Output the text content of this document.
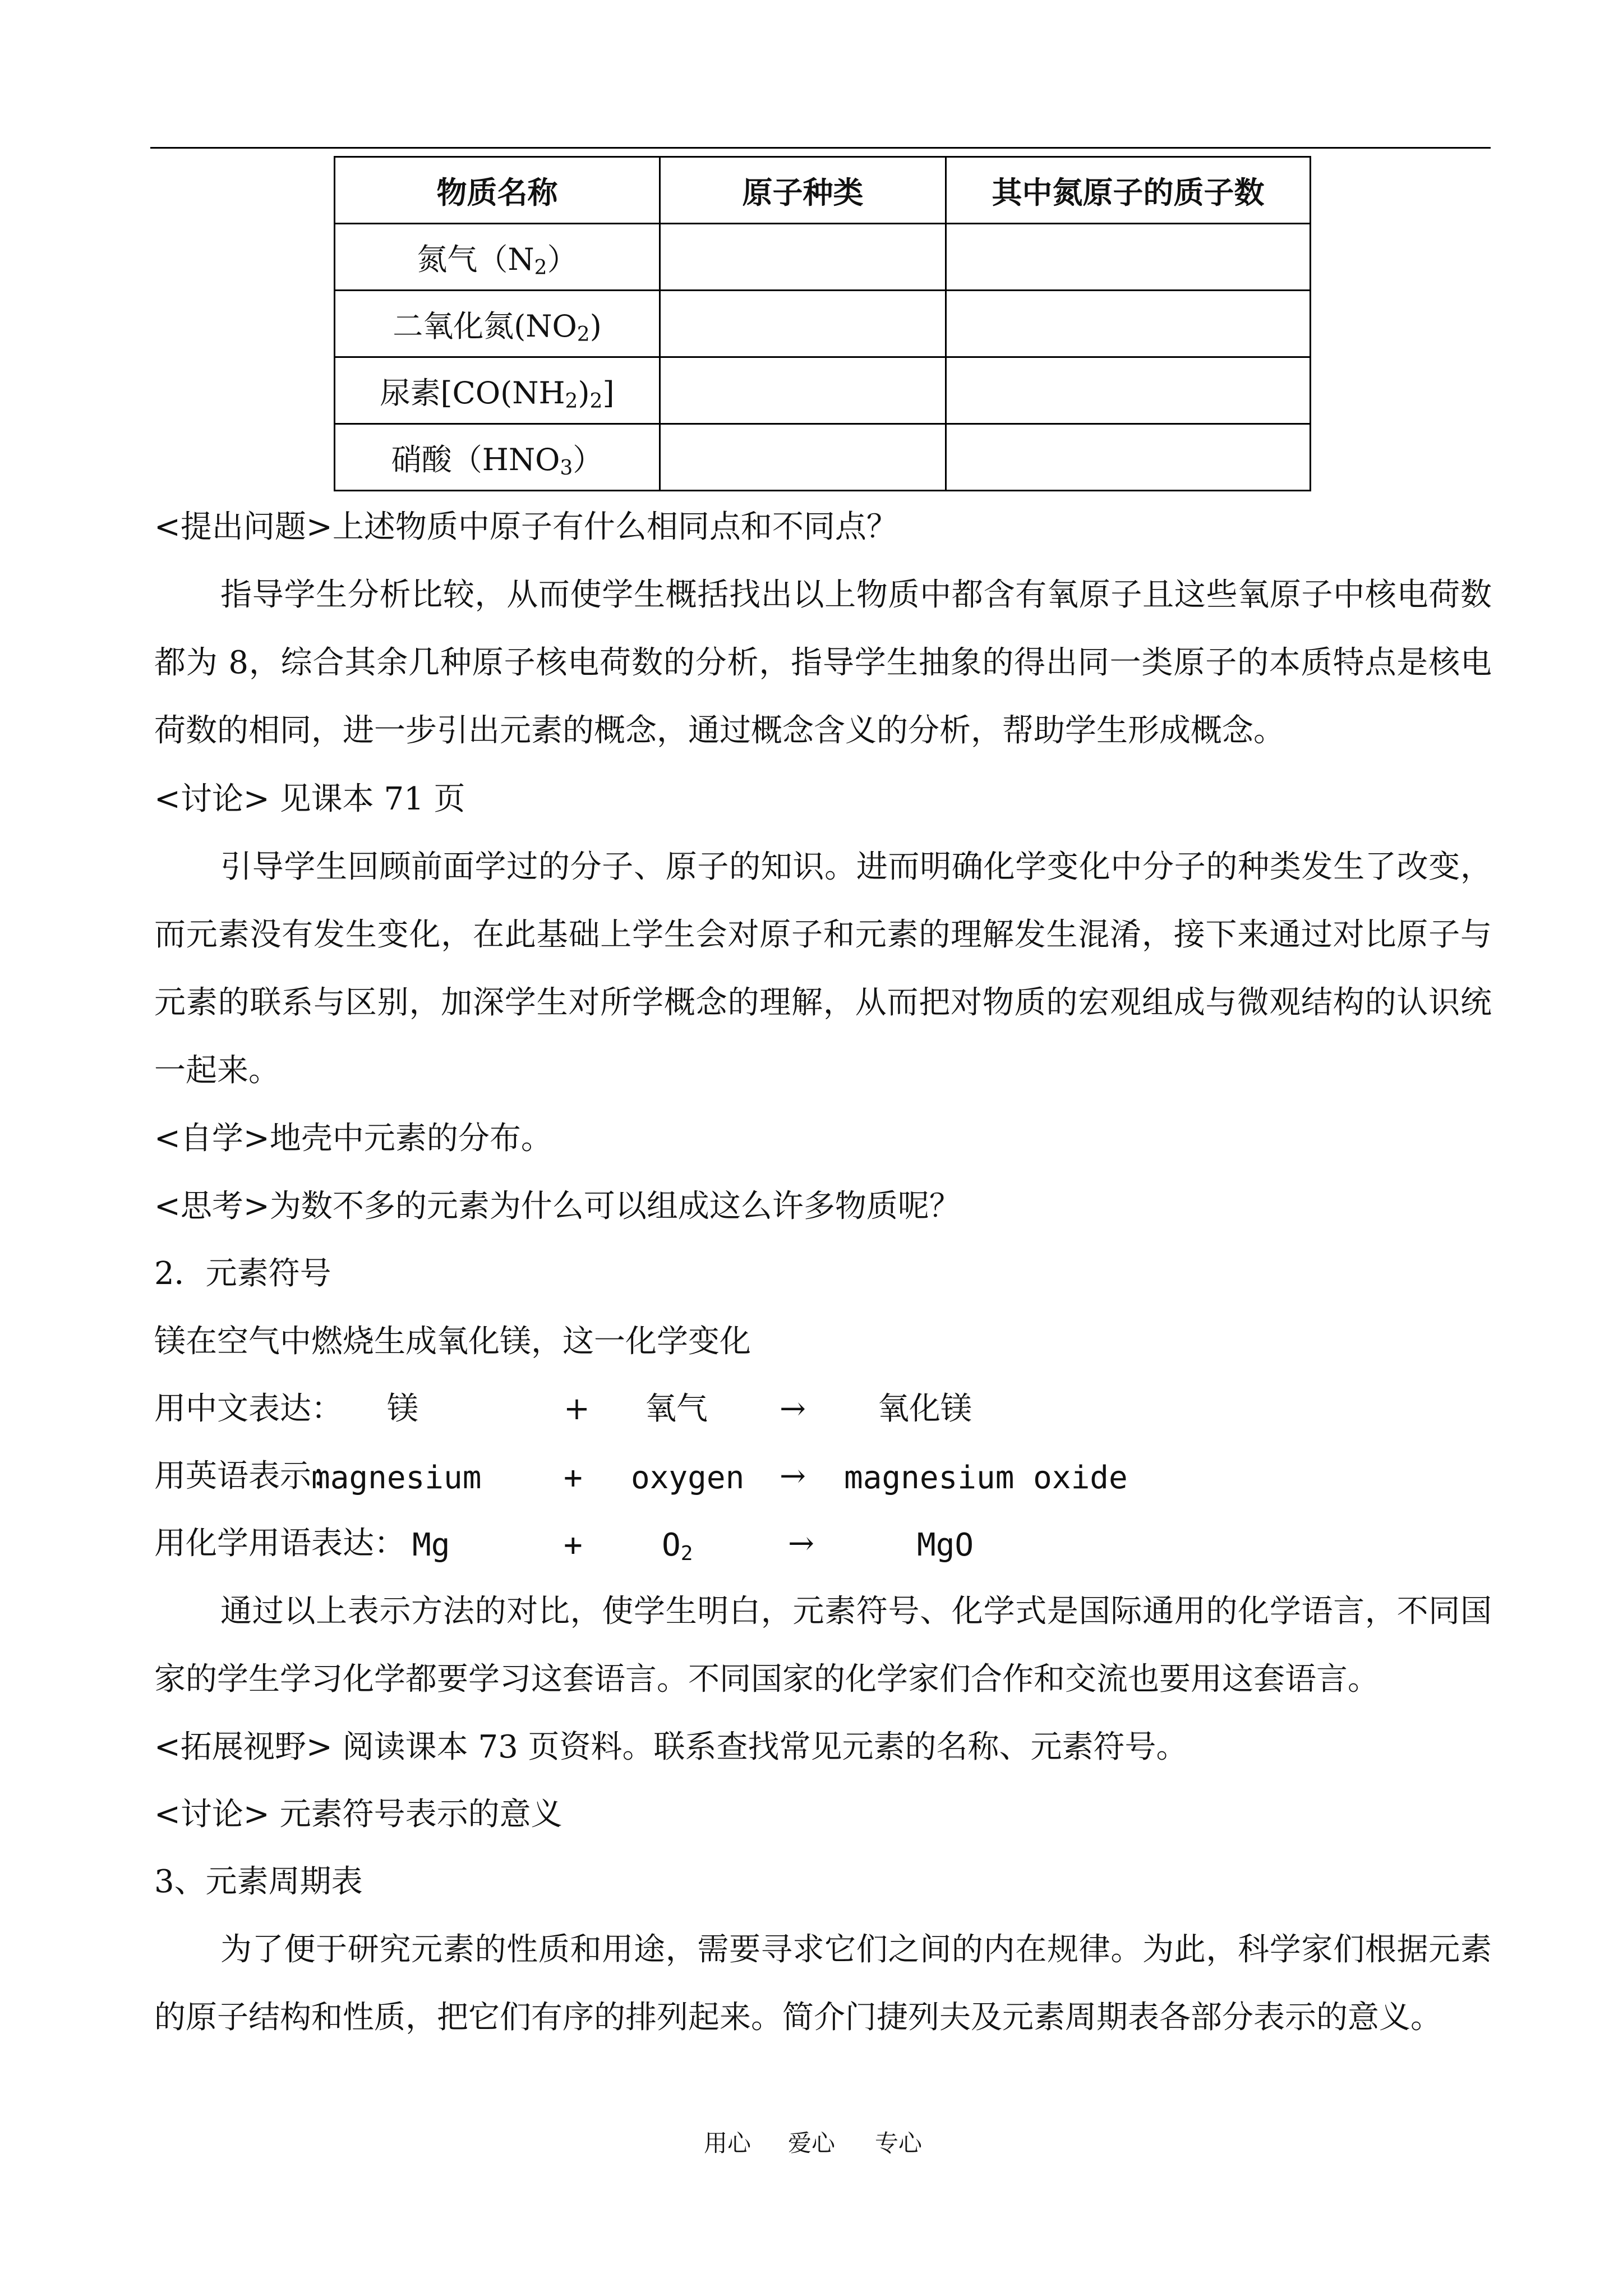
物质名称	原子种类	其中氮原子的质子数
氮气$(N_2)$		
二氧化氮$(NO_2)$		
尿素$[CO(NH_2)_2]$		
硝酸$(HNO_3)$		
<提出问题>上述物质中原子有什么相同点和不同点？

指导学生分析比较，从而使学生概括找出以上物质中都含有氧原子且这些氧原子中核电荷数都为 8，综合其余几种原子核电荷数的分析，指导学生抽象的得出同一类原子的本质特点是核电荷数的相同，进一步引出元素的概念，通过概念含义的分析，帮助学生形成概念。

<讨论> 见课本 71 页

引导学生回顾前面学过的分子、原子的知识。进而明确化学变化中分子的种类发生了改变，而元素没有发生变化，在此基础上学生会对原子和元素的理解发生混淆，接下来通过对比原子与元素的联系与区别，加深学生对所学概念的理解，从而把对物质的宏观组成与微观结构的认识统一起来。

<自学>地壳中元素的分布。
<思考>为数不多的元素为什么可以组成这么许多物质呢？
2．元素符号
镁在空气中燃烧生成氧化镁，这一化学变化
用中文表达： 镁	+ 氧气 → 氧化镁
用英语表示：
magnesium	+ oxygen → magnesium oxide
用化学用语表达： Mg	+	$O_2$	→	MgO

通过以上表示方法的对比，使学生明白，元素符号、化学式是国际通用的化学语言，不同国家的学生学习化学都要学习这套语言。不同国家的化学家们合作和交流也要用这套语言。

<拓展视野> 阅读课本 73 页资料。联系查找常见元素的名称、元素符号。
<讨论> 元素符号表示的意义
3、元素周期表

为了便于研究元素的性质和用途，需要寻求它们之间的内在规律。为此，科学家们根据元素的原子结构和性质，把它们有序的排列起来。简介门捷列夫及元素周期表各部分表示的意义。

用心 爱心 专心
